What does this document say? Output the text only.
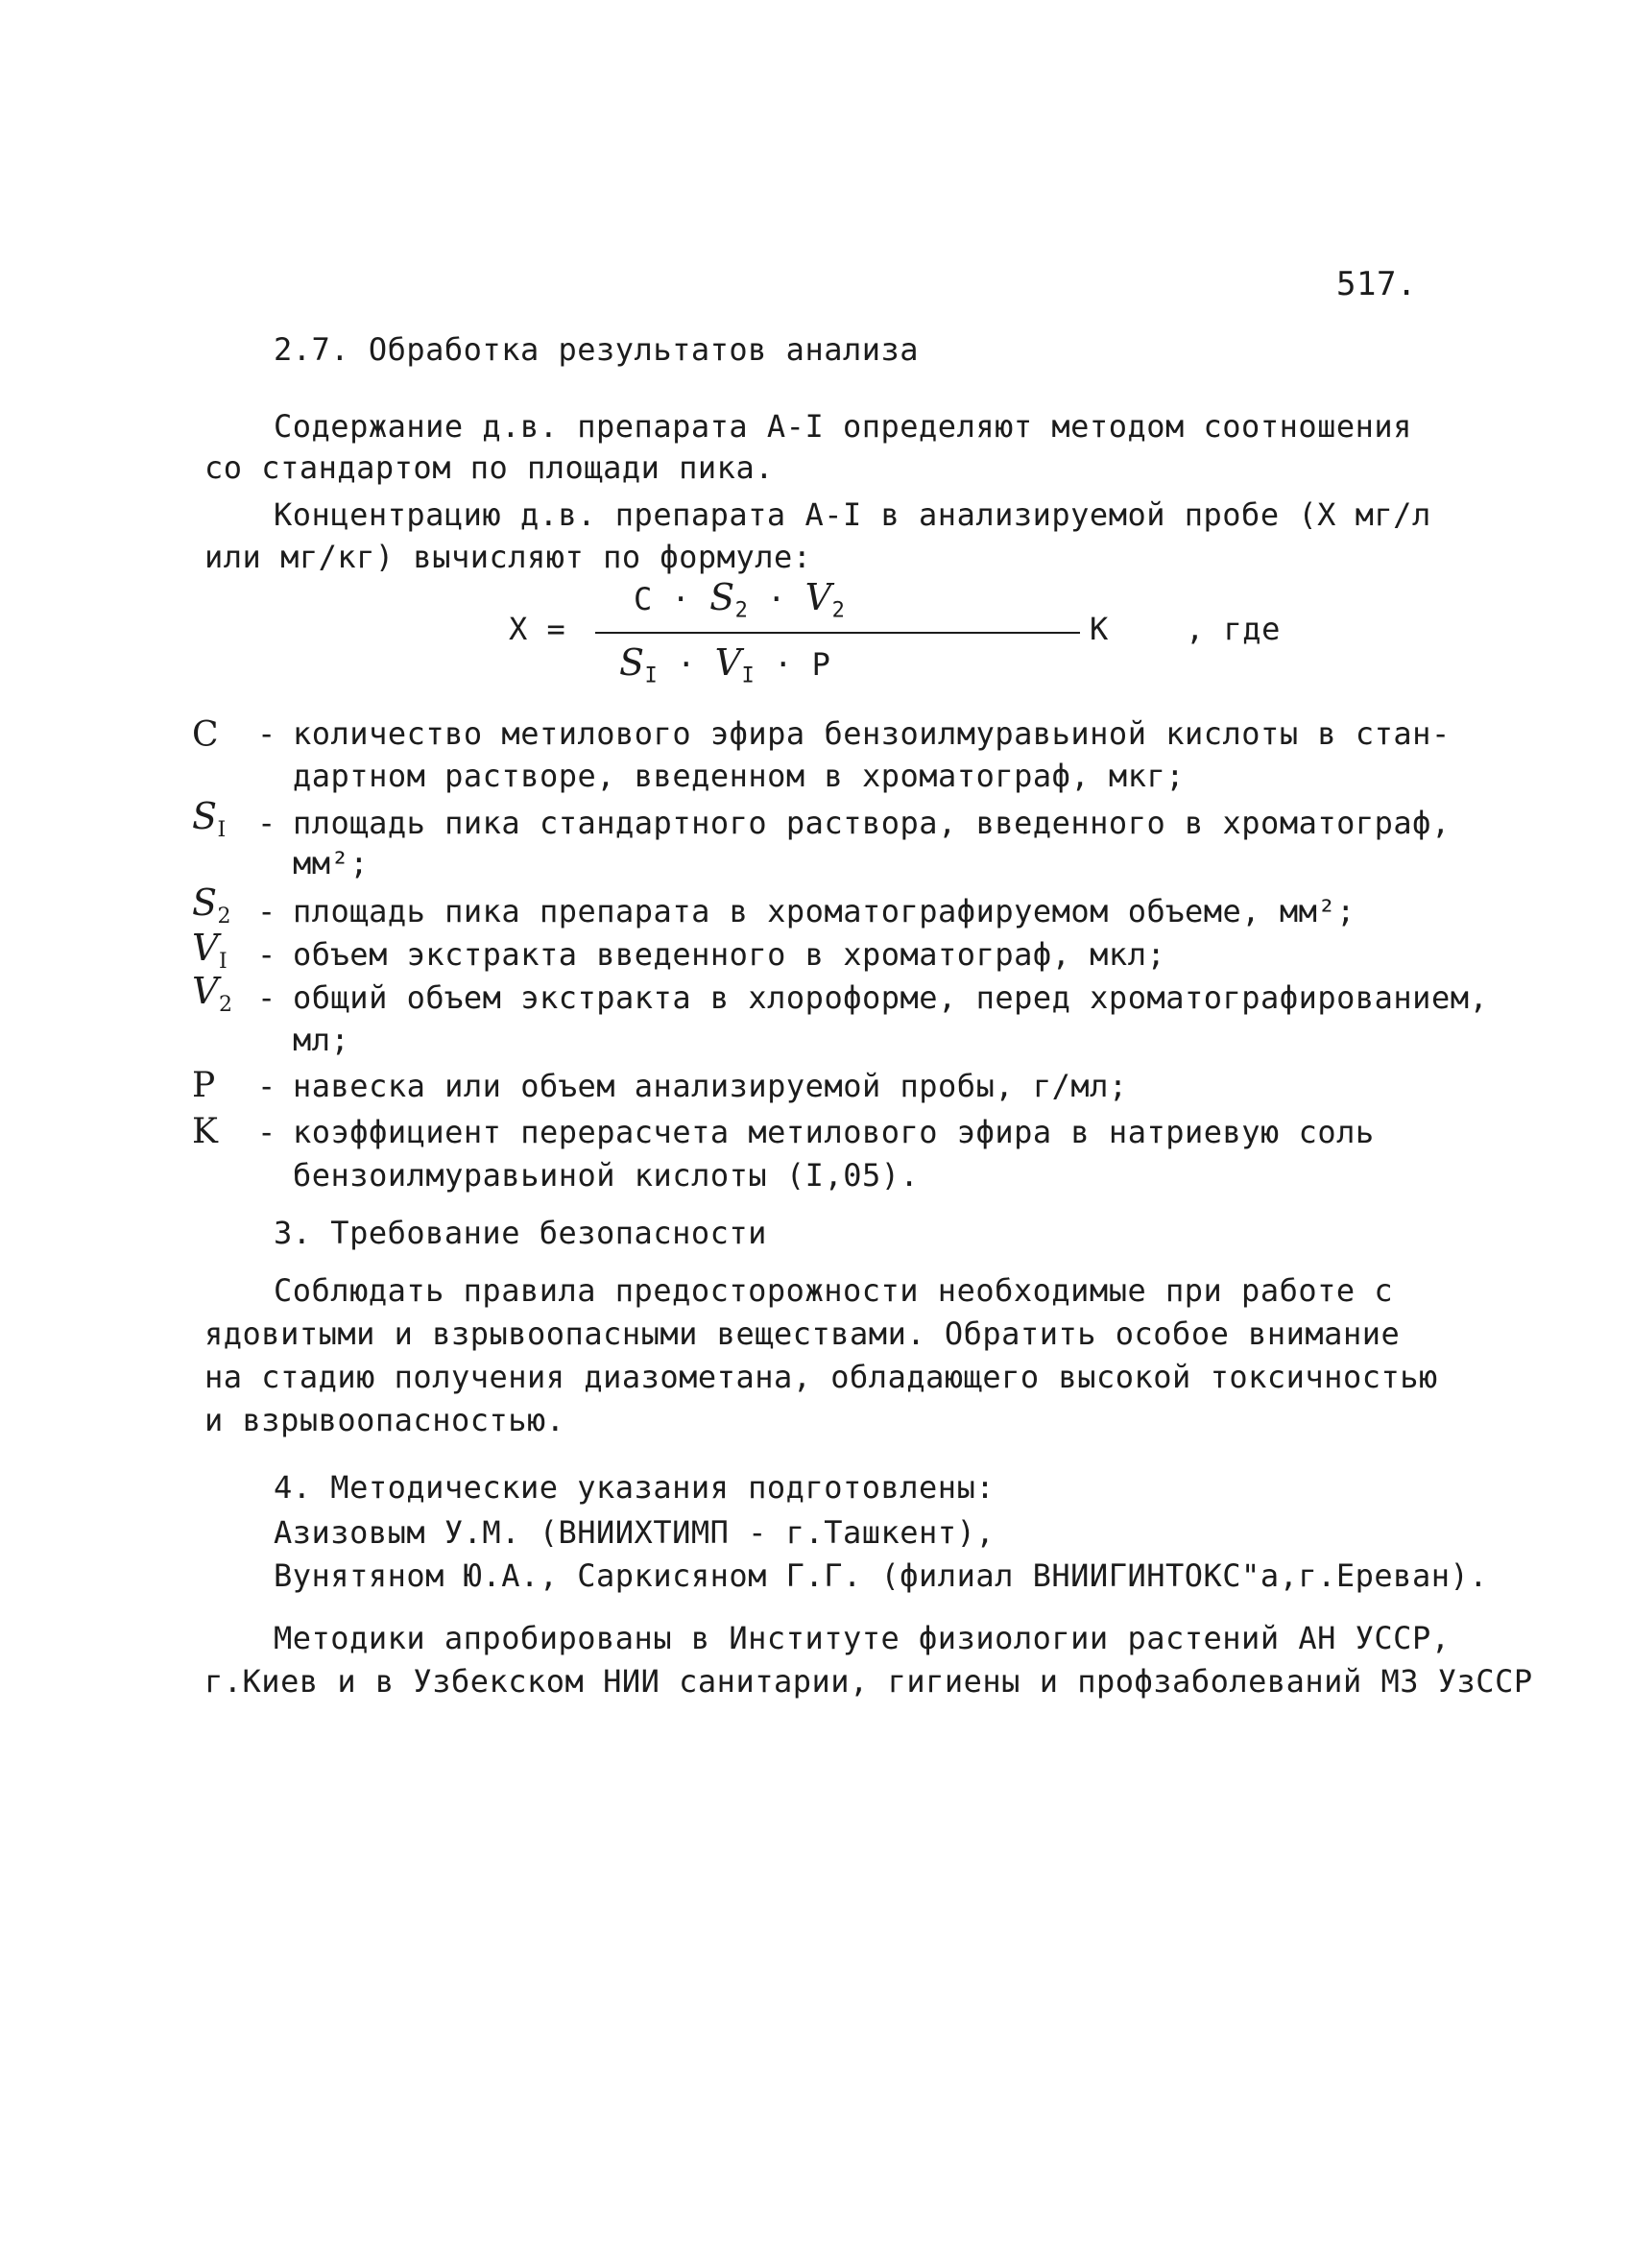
517.
2.7. Обработка результатов анализа
Содержание д.в. препарата А-I определяют методом соотношения
со стандартом по площади пика.
Концентрацию д.в. препарата А-I в анализируемой пробе (X мг/л
или мг/кг) вычисляют по формуле:
X =
$C \cdot S_2 \cdot V_2$
$S_I \cdot V_I \cdot P$
K	, где
C - количество метилового эфира бензоилмуравьиной кислоты в стан-
дартном растворе, введенном в хроматограф, мкг;
$S_I$ - площадь пика стандартного раствора, введенного в хроматограф,
мм²;
$S_2$ - площадь пика препарата в хроматографируемом объеме, мм²;
$V_I$ - объем экстракта введенного в хроматограф, мкл;
$V_2$ - общий объем экстракта в хлороформе, перед хроматографированием,
мл;
P - навеска или объем анализируемой пробы, г/мл;
K - коэффициент перерасчета метилового эфира в натриевую соль
бензоилмуравьиной кислоты (I,05).
3. Требование безопасности
Соблюдать правила предосторожности необходимые при работе с
ядовитыми и взрывоопасными веществами. Обратить особое внимание
на стадию получения диазометана, обладающего высокой токсичностью
и взрывоопасностью.
4. Методические указания подготовлены:
Азизовым У.М. (ВНИИХТИМП - г.Ташкент),
Вунятяном Ю.А., Саркисяном Г.Г. (филиал ВНИИГИНТОКС"а,г.Ереван).
Методики апробированы в Институте физиологии растений АН УССР,
г.Киев и в Узбекском НИИ санитарии, гигиены и профзаболеваний МЗ УзССР
